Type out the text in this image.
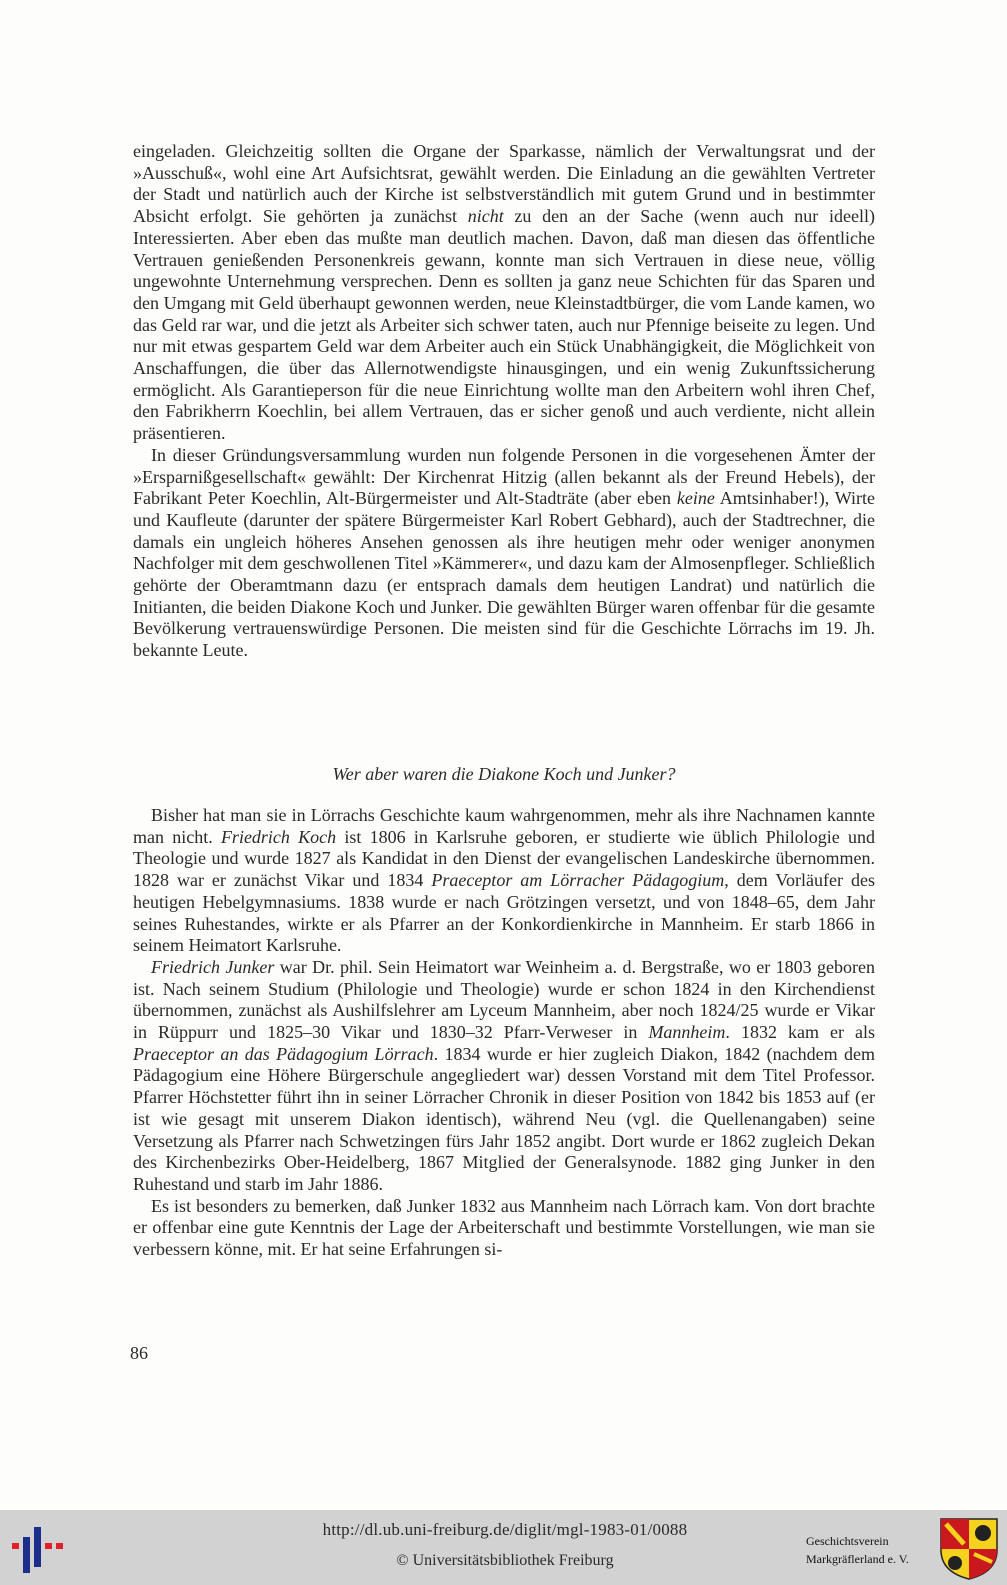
eingeladen. Gleichzeitig sollten die Organe der Sparkasse, nämlich der Verwaltungsrat und der »Ausschuß«, wohl eine Art Aufsichtsrat, gewählt werden. Die Einladung an die gewählten Vertreter der Stadt und natürlich auch der Kirche ist selbstverständlich mit gutem Grund und in bestimmter Absicht erfolgt. Sie gehörten ja zunächst nicht zu den an der Sache (wenn auch nur ideell) Interessierten. Aber eben das mußte man deutlich machen. Davon, daß man diesen das öffentliche Vertrauen genießenden Personenkreis gewann, konnte man sich Vertrauen in diese neue, völlig ungewohnte Unternehmung versprechen. Denn es sollten ja ganz neue Schichten für das Sparen und den Umgang mit Geld überhaupt gewonnen werden, neue Kleinstadtbürger, die vom Lande kamen, wo das Geld rar war, und die jetzt als Arbeiter sich schwer taten, auch nur Pfennige beiseite zu legen. Und nur mit etwas gespartem Geld war dem Arbeiter auch ein Stück Unabhängigkeit, die Möglichkeit von Anschaffungen, die über das Allernotwendigste hinausgingen, und ein wenig Zukunftssicherung ermöglicht. Als Garantieperson für die neue Einrichtung wollte man den Arbeitern wohl ihren Chef, den Fabrikherrn Koechlin, bei allem Vertrauen, das er sicher genoß und auch verdiente, nicht allein präsentieren.

In dieser Gründungsversammlung wurden nun folgende Personen in die vorgesehenen Ämter der »Ersparnißgesellschaft« gewählt: Der Kirchenrat Hitzig (allen bekannt als der Freund Hebels), der Fabrikant Peter Koechlin, Alt-Bürgermeister und Alt-Stadträte (aber eben keine Amtsinhaber!), Wirte und Kaufleute (darunter der spätere Bürgermeister Karl Robert Gebhard), auch der Stadtrechner, die damals ein ungleich höheres Ansehen genossen als ihre heutigen mehr oder weniger anonymen Nachfolger mit dem geschwollenen Titel »Kämmerer«, und dazu kam der Almosenpfleger. Schließlich gehörte der Oberamtmann dazu (er entsprach damals dem heutigen Landrat) und natürlich die Initianten, die beiden Diakone Koch und Junker. Die gewählten Bürger waren offenbar für die gesamte Bevölkerung vertrauenswürdige Personen. Die meisten sind für die Geschichte Lörrachs im 19. Jh. bekannte Leute.

Wer aber waren die Diakone Koch und Junker?

Bisher hat man sie in Lörrachs Geschichte kaum wahrgenommen, mehr als ihre Nachnamen kannte man nicht. Friedrich Koch ist 1806 in Karlsruhe geboren, er studierte wie üblich Philologie und Theologie und wurde 1827 als Kandidat in den Dienst der evangelischen Landeskirche übernommen. 1828 war er zunächst Vikar und 1834 Praeceptor am Lörracher Pädagogium, dem Vorläufer des heutigen Hebelgymnasiums. 1838 wurde er nach Grötzingen versetzt, und von 1848–65, dem Jahr seines Ruhestandes, wirkte er als Pfarrer an der Konkordienkirche in Mannheim. Er starb 1866 in seinem Heimatort Karlsruhe.

Friedrich Junker war Dr. phil. Sein Heimatort war Weinheim a. d. Bergstraße, wo er 1803 geboren ist. Nach seinem Studium (Philologie und Theologie) wurde er schon 1824 in den Kirchendienst übernommen, zunächst als Aushilfslehrer am Lyceum Mannheim, aber noch 1824/25 wurde er Vikar in Rüppurr und 1825–30 Vikar und 1830–32 Pfarr-Verweser in Mannheim. 1832 kam er als Praeceptor an das Pädagogium Lörrach. 1834 wurde er hier zugleich Diakon, 1842 (nachdem dem Pädagogium eine Höhere Bürgerschule angegliedert war) dessen Vorstand mit dem Titel Professor. Pfarrer Höchstetter führt ihn in seiner Lörracher Chronik in dieser Position von 1842 bis 1853 auf (er ist wie gesagt mit unserem Diakon identisch), während Neu (vgl. die Quellenangaben) seine Versetzung als Pfarrer nach Schwetzingen fürs Jahr 1852 angibt. Dort wurde er 1862 zugleich Dekan des Kirchenbezirks Ober-Heidelberg, 1867 Mitglied der Generalsynode. 1882 ging Junker in den Ruhestand und starb im Jahr 1886.

Es ist besonders zu bemerken, daß Junker 1832 aus Mannheim nach Lörrach kam. Von dort brachte er offenbar eine gute Kenntnis der Lage der Arbeiterschaft und bestimmte Vorstellungen, wie man sie verbessern könne, mit. Er hat seine Erfahrungen si-

86
http://dl.ub.uni-freiburg.de/diglit/mgl-1983-01/0088
© Universitätsbibliothek Freiburg
Geschichtsverein
Markgräflerland e. V.
